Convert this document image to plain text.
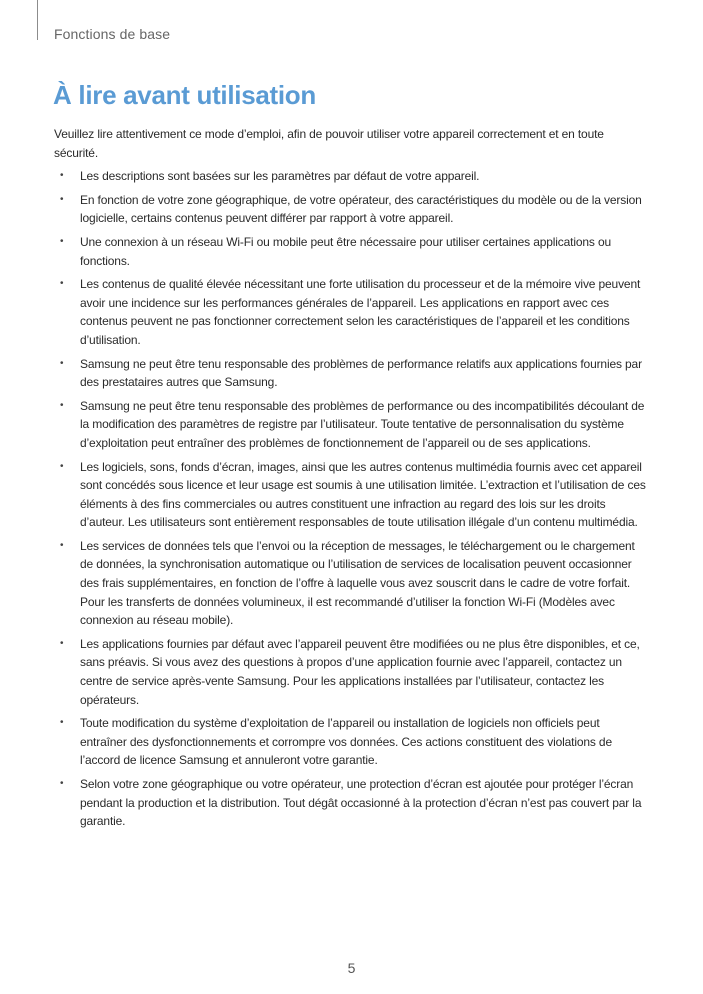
Fonctions de base
À lire avant utilisation

Veuillez lire attentivement ce mode d’emploi, afin de pouvoir utiliser votre appareil correctement et en toute sécurité.

• Les descriptions sont basées sur les paramètres par défaut de votre appareil.
• En fonction de votre zone géographique, de votre opérateur, des caractéristiques du modèle ou de la version logicielle, certains contenus peuvent différer par rapport à votre appareil.
• Une connexion à un réseau Wi-Fi ou mobile peut être nécessaire pour utiliser certaines applications ou fonctions.
• Les contenus de qualité élevée nécessitant une forte utilisation du processeur et de la mémoire vive peuvent avoir une incidence sur les performances générales de l’appareil. Les applications en rapport avec ces contenus peuvent ne pas fonctionner correctement selon les caractéristiques de l’appareil et les conditions d’utilisation.
• Samsung ne peut être tenu responsable des problèmes de performance relatifs aux applications fournies par des prestataires autres que Samsung.
• Samsung ne peut être tenu responsable des problèmes de performance ou des incompatibilités découlant de la modification des paramètres de registre par l’utilisateur. Toute tentative de personnalisation du système d’exploitation peut entraîner des problèmes de fonctionnement de l’appareil ou de ses applications.
• Les logiciels, sons, fonds d’écran, images, ainsi que les autres contenus multimédia fournis avec cet appareil sont concédés sous licence et leur usage est soumis à une utilisation limitée. L’extraction et l’utilisation de ces éléments à des fins commerciales ou autres constituent une infraction au regard des lois sur les droits d’auteur. Les utilisateurs sont entièrement responsables de toute utilisation illégale d’un contenu multimédia.
• Les services de données tels que l’envoi ou la réception de messages, le téléchargement ou le chargement de données, la synchronisation automatique ou l’utilisation de services de localisation peuvent occasionner des frais supplémentaires, en fonction de l’offre à laquelle vous avez souscrit dans le cadre de votre forfait. Pour les transferts de données volumineux, il est recommandé d’utiliser la fonction Wi-Fi (Modèles avec connexion au réseau mobile).
• Les applications fournies par défaut avec l’appareil peuvent être modifiées ou ne plus être disponibles, et ce, sans préavis. Si vous avez des questions à propos d’une application fournie avec l’appareil, contactez un centre de service après-vente Samsung. Pour les applications installées par l’utilisateur, contactez les opérateurs.
• Toute modification du système d’exploitation de l’appareil ou installation de logiciels non officiels peut entraîner des dysfonctionnements et corrompre vos données. Ces actions constituent des violations de l’accord de licence Samsung et annuleront votre garantie.
• Selon votre zone géographique ou votre opérateur, une protection d’écran est ajoutée pour protéger l’écran pendant la production et la distribution. Tout dégât occasionné à la protection d’écran n’est pas couvert par la garantie.
5
